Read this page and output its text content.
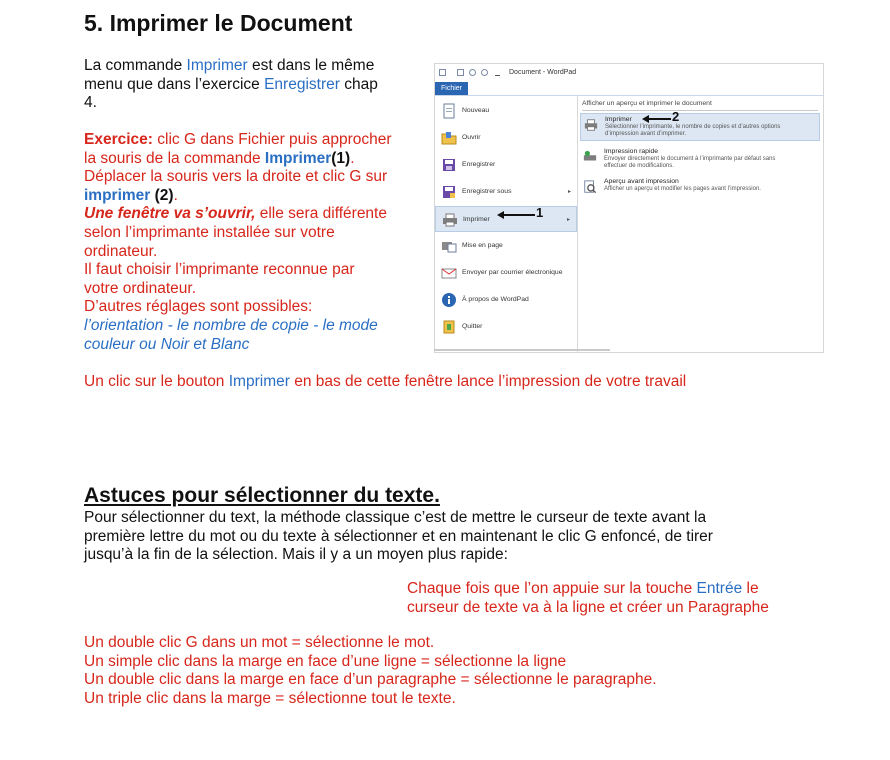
5. Imprimer le Document
La commande Imprimer est dans le même
menu que dans l’exercice Enregistrer chap
4.
Exercice: clic G dans Fichier puis approcher
la souris de la commande Imprimer(1).
Déplacer la souris vers la droite et clic G sur
imprimer (2).
Une fenêtre va s’ouvrir, elle sera différente
selon l’imprimante installée sur votre
ordinateur.
Il faut choisir l’imprimante reconnue par
votre ordinateur.
D’autres réglages sont possibles:
l’orientation - le nombre de copie - le mode
couleur ou Noir et Blanc
Document - WordPad
Fichier
Nouveau
Ouvrir
Enregistrer
Enregistrer sous	▸
Imprimer	▸
Mise en page
Envoyer par courrier électronique
À propos de WordPad
Quitter
Afficher un aperçu et imprimer le document
Imprimer
Sélectionner l’imprimante, le nombre de copies et d’autres options
d’impression avant d’imprimer.
Impression rapide
Envoyer directement le document à l’imprimante par défaut sans
effectuer de modifications.
Aperçu avant impression
Afficher un aperçu et modifier les pages avant l’impression.
1
2
Un clic sur le bouton Imprimer en bas de cette fenêtre lance l’impression de votre travail
Astuces pour sélectionner du texte.
Pour sélectionner du text, la méthode classique c’est de mettre le curseur de texte avant la
première lettre du mot ou du texte à sélectionner et en maintenant le clic G enfoncé, de tirer
jusqu’à la fin de la sélection. Mais il y a un moyen plus rapide:
Chaque fois que l’on appuie sur la touche Entrée le
curseur de texte va à la ligne et créer un Paragraphe
Un double clic G dans un mot = sélectionne le mot.
Un simple clic dans la marge en face d’une ligne = sélectionne la ligne
Un double clic dans la marge en face d’un paragraphe = sélectionne le paragraphe.
Un triple clic dans la marge = sélectionne tout le texte.
